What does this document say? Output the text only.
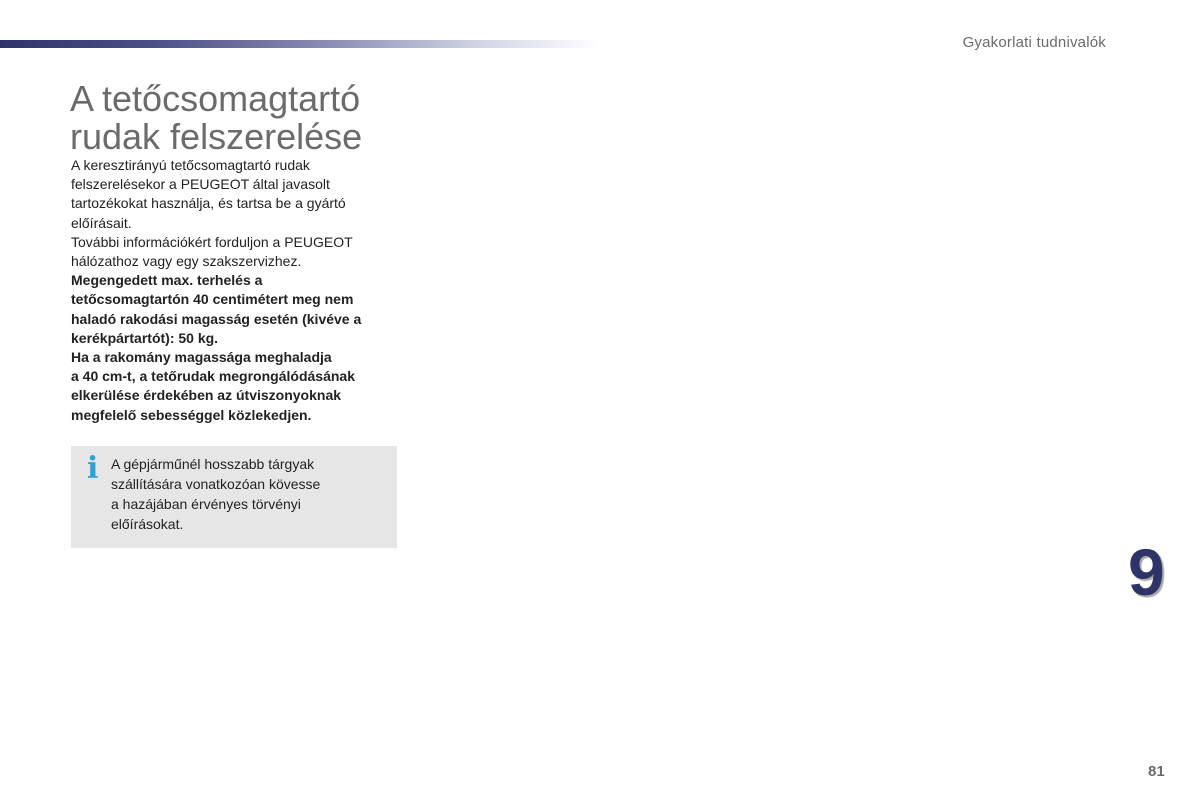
Gyakorlati tudnivalók
A tetőcsomagtartó
rudak felszerelése
A keresztirányú tetőcsomagtartó rudak
felszerelésekor a PEUGEOT által javasolt
tartozékokat használja, és tartsa be a gyártó
előírásait.
További információkért forduljon a PEUGEOT
hálózathoz vagy egy szakszervizhez.
Megengedett max. terhelés a
tetőcsomagtartón 40 centimétert meg nem
haladó rakodási magasság esetén (kivéve a
kerékpártartót): 50 kg.
Ha a rakomány magassága meghaladja
a 40 cm-t, a tetőrudak megrongálódásának
elkerülése érdekében az útviszonyoknak
megfelelő sebességgel közlekedjen.
i A gépjárműnél hosszabb tárgyak
szállítására vonatkozóan kövesse
a hazájában érvényes törvényi
előírásokat.
9
81
